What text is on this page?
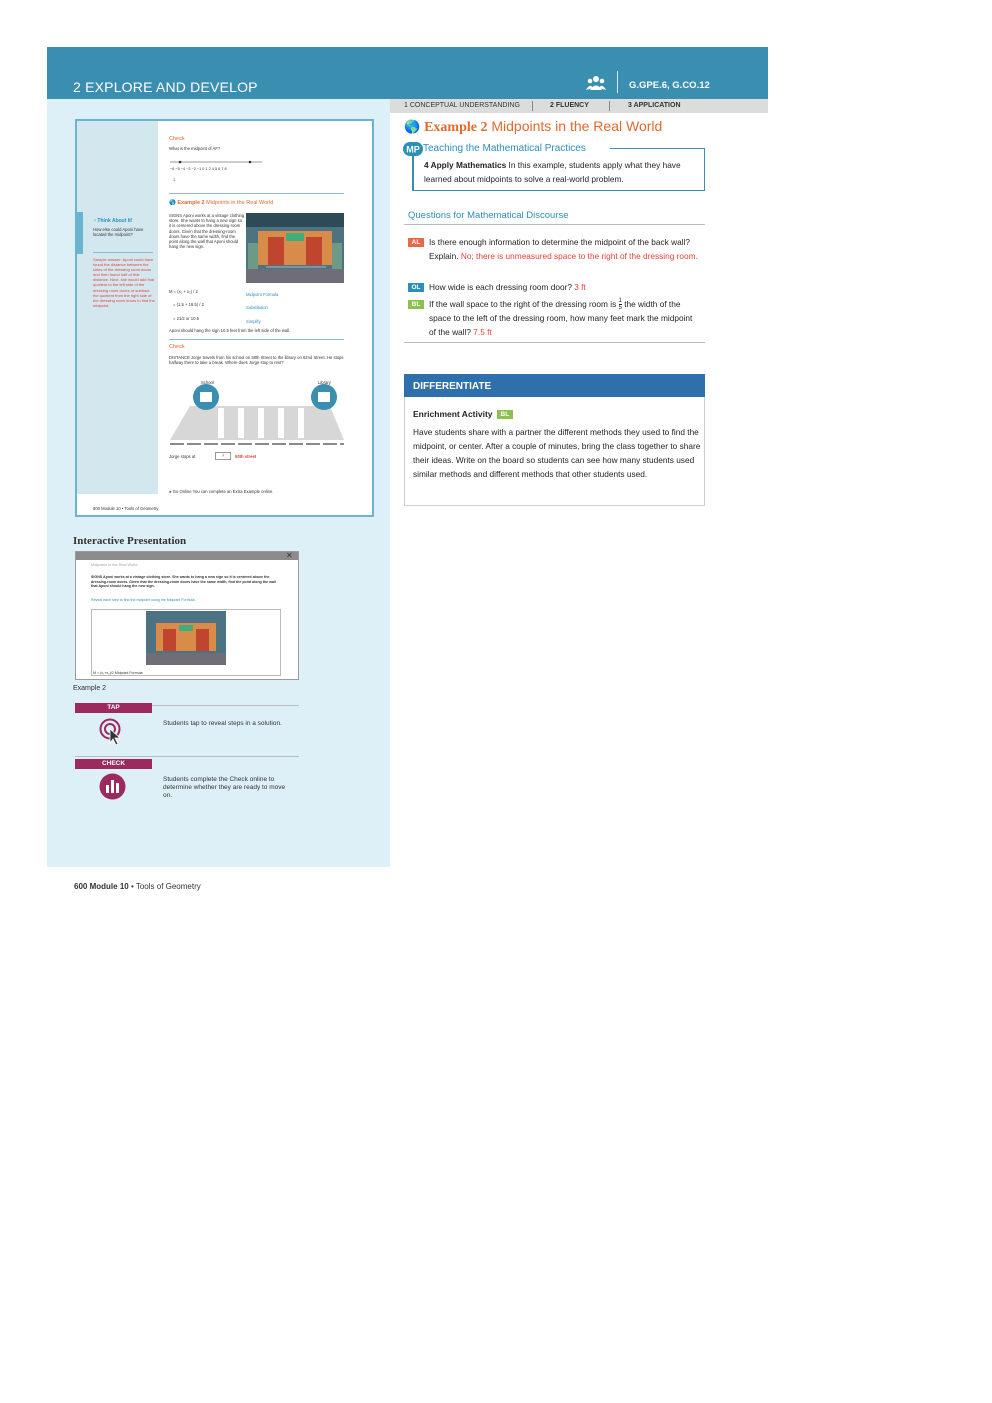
2 EXPLORE AND DEVELOP	G.GPE.6, G.CO.12
1 CONCEPTUAL UNDERSTANDING	2 FLUENCY	3 APPLICATION
Check
What is the midpoint of AF?
−6 −5 −4 −3 −2 −1 0 1 2 4 5 6 7 8
1
🌎 Example 2 Midpoints in the Real World
◔ Think About It!
How else could Aponi have located the midpoint?
Sample answer: Aponi could have found the distance between the sides of the dressing room doors and then found half of that distance. Next, she would add that quotient to the left side of the dressing room doors or subtract the quotient from the right side of the dressing room doors to find the midpoint.
SIGNS Aponi works at a vintage clothing store. She wants to hang a new sign so it is centered above the dressing-room doors. Given that the dressing-room doors have the same width, find the point along the wall that Aponi should hang the new sign.
M = (x₁ + x₂) / 2
Midpoint Formula
= (1.5 + 19.5) / 2
Substitution
= 21/2 or 10.5
Simplify
Aponi should hang the sign 10.5 feet from the left side of the wall.
Check
DISTANCE Jorge travels from his school on 38th Street to the library on 62nd Street. He stops halfway there to take a break. Where does Jorge stop to rest?
School	Library
Jorge stops at	?	50th street
● Go Online You can complete an Extra Example online.
600 Module 10 • Tools of Geometry
Interactive Presentation
✕
Midpoints in the Real World
SIGNS Aponi works at a vintage clothing store. She wants to hang a new sign so it is centered above the dressing-room doors. Given that the dressing-room doors have the same width, find the point along the wall that Aponi should hang the new sign.
Reveal each step to find the midpoint using the Midpoint Formula.
M = (x₁+x₂)/2 Midpoint Formula
Example 2
TAP
Students tap to reveal steps in a solution.
CHECK
Students complete the Check online to determine whether they are ready to move on.
600 Module 10 • Tools of Geometry
🌎 Example 2 Midpoints in the Real World
MP Teaching the Mathematical Practices
4 Apply Mathematics In this example, students apply what they have learned about midpoints to solve a real-world problem.
Questions for Mathematical Discourse
AL Is there enough information to determine the midpoint of the back wall? Explain. No; there is unmeasured space to the right of the dressing room.
OL How wide is each dressing room door? 3 ft
BL If the wall space to the right of the dressing room is $\frac{1}{5}$ the width of the space to the left of the dressing room, how many feet mark the midpoint of the wall? 7.5 ft
DIFFERENTIATE
Enrichment Activity BL
Have students share with a partner the different methods they used to find the midpoint, or center. After a couple of minutes, bring the class together to share their ideas. Write on the board so students can see how many students used similar methods and different methods that other students used.
